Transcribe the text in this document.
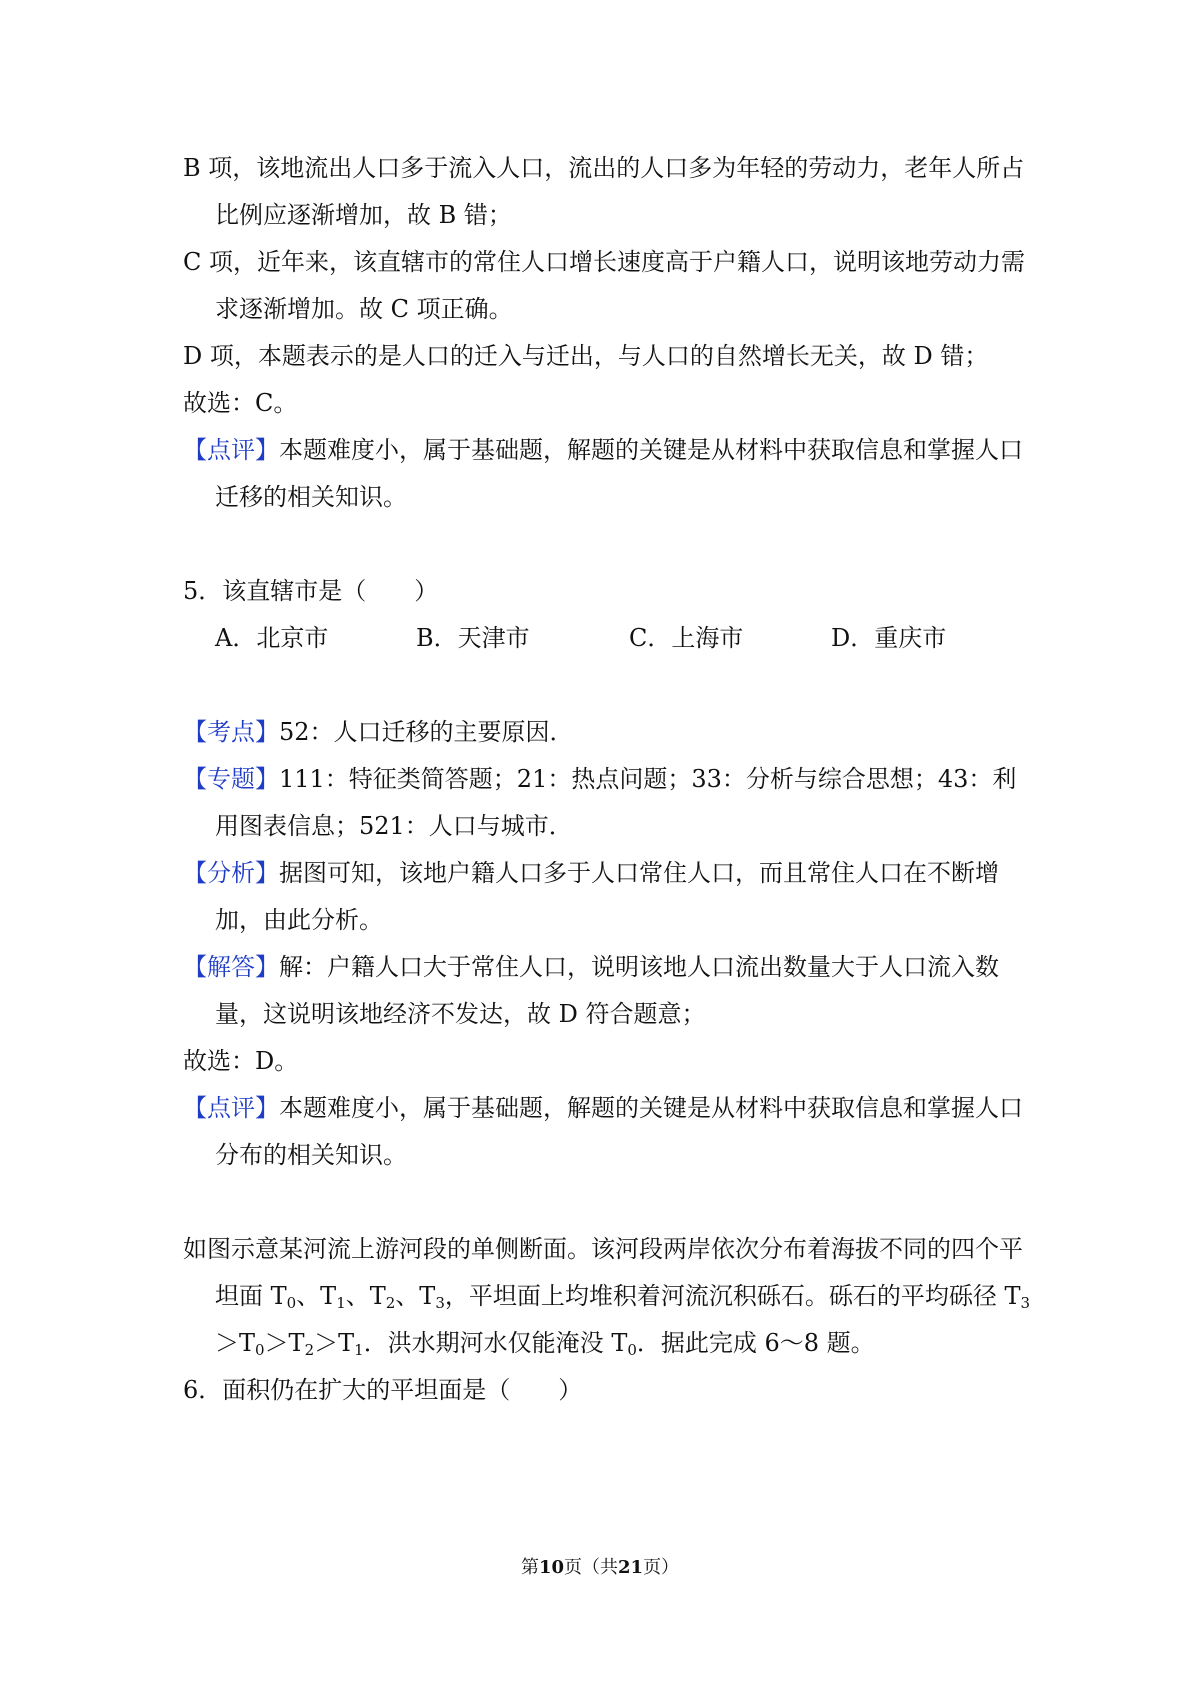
B 项，该地流出人口多于流入人口，流出的人口多为年轻的劳动力，老年人所占比例应逐渐增加，故 B 错；

C 项，近年来，该直辖市的常住人口增长速度高于户籍人口，说明该地劳动力需求逐渐增加。故 C 项正确。

D 项，本题表示的是人口的迁入与迁出，与人口的自然增长无关，故 D 错；

故选：C。

【点评】本题难度小，属于基础题，解题的关键是从材料中获取信息和掌握人口迁移的相关知识。

5．该直辖市是（　　）

A．北京市	B．天津市	C．上海市	D．重庆市

【考点】52：人口迁移的主要原因．

【专题】111：特征类简答题；21：热点问题；33：分析与综合思想；43：利用图表信息；521：人口与城市．

【分析】据图可知，该地户籍人口多于人口常住人口，而且常住人口在不断增加，由此分析。

【解答】解：户籍人口大于常住人口，说明该地人口流出数量大于人口流入数量，这说明该地经济不发达，故 D 符合题意；

故选：D。

【点评】本题难度小，属于基础题，解题的关键是从材料中获取信息和掌握人口分布的相关知识。

如图示意某河流上游河段的单侧断面。该河段两岸依次分布着海拔不同的四个平坦面 $T_0$、$T_1$、$T_2$、$T_3$，平坦面上均堆积着河流沉积砾石。砾石的平均砾径 $T_3>T_0>T_2>T_1$．洪水期河水仅能淹没 $T_0$．据此完成 6～8 题。

6．面积仍在扩大的平坦面是（　　）

第10页（共21页）
